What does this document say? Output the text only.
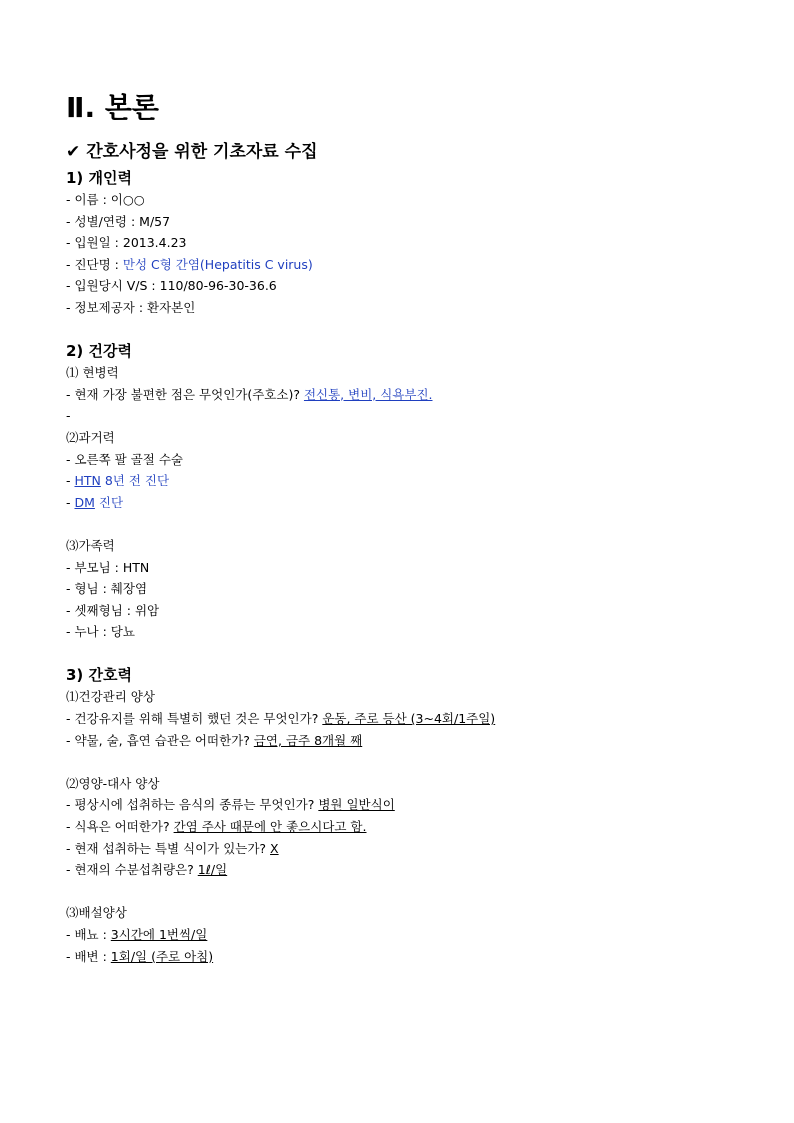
Ⅱ. 본론
✔ 간호사정을 위한 기초자료 수집
1) 개인력
- 이름 : 이○○
- 성별/연령 : M/57
- 입원일 : 2013.4.23
- 진단명 : 만성 C형 간염(Hepatitis C virus)
- 입원당시 V/S : 110/80-96-30-36.6
- 정보제공자 : 환자본인
2) 건강력
⑴ 현병력
- 현재 가장 불편한 점은 무엇인가(주호소)? 전신통, 변비, 식욕부진.
-
⑵과거력
- 오른쪽 팔 골절 수술
- HTN 8년 전 진단
- DM 진단
⑶가족력
- 부모님 : HTN
- 형님 : 췌장염
- 셋째형님 : 위암
- 누나 : 당뇨
3) 간호력
⑴건강관리 양상
- 건강유지를 위해 특별히 했던 것은 무엇인가? 운동, 주로 등산 (3~4회/1주일)
- 약물, 술, 흡연 습관은 어떠한가? 금연, 금주 8개월 째
⑵영양-대사 양상
- 평상시에 섭취하는 음식의 종류는 무엇인가? 병원 일반식이
- 식욕은 어떠한가? 간염 주사 때문에 안 좋으시다고 함.
- 현재 섭취하는 특별 식이가 있는가? X
- 현재의 수분섭취량은? 1ℓ/일
⑶배설양상
- 배뇨 : 3시간에 1번씩/일
- 배변 : 1회/일 (주로 아침)
